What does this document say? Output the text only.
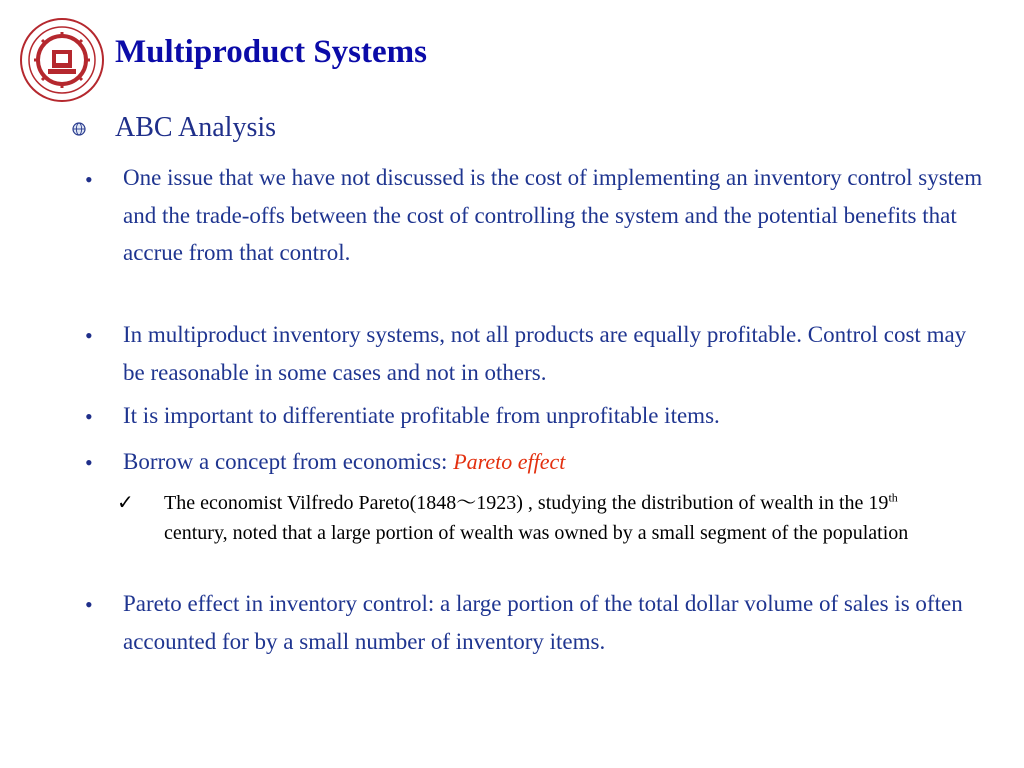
Multiproduct Systems
ABC Analysis
• One issue that we have not discussed is the cost of implementing an inventory control system and the trade-offs between the cost of controlling the system and the potential benefits that accrue from that control.
• In multiproduct inventory systems, not all products are equally profitable. Control cost may be reasonable in some cases and not in others.
• It is important to differentiate profitable from unprofitable items.
• Borrow a concept from economics: Pareto effect
✓ The economist Vilfredo Pareto(1848～1923) , studying the distribution of wealth in the 19th century, noted that a large portion of wealth was owned by a small segment of the population
• Pareto effect in inventory control: a large portion of the total dollar volume of sales is often accounted for by a small number of inventory items.
